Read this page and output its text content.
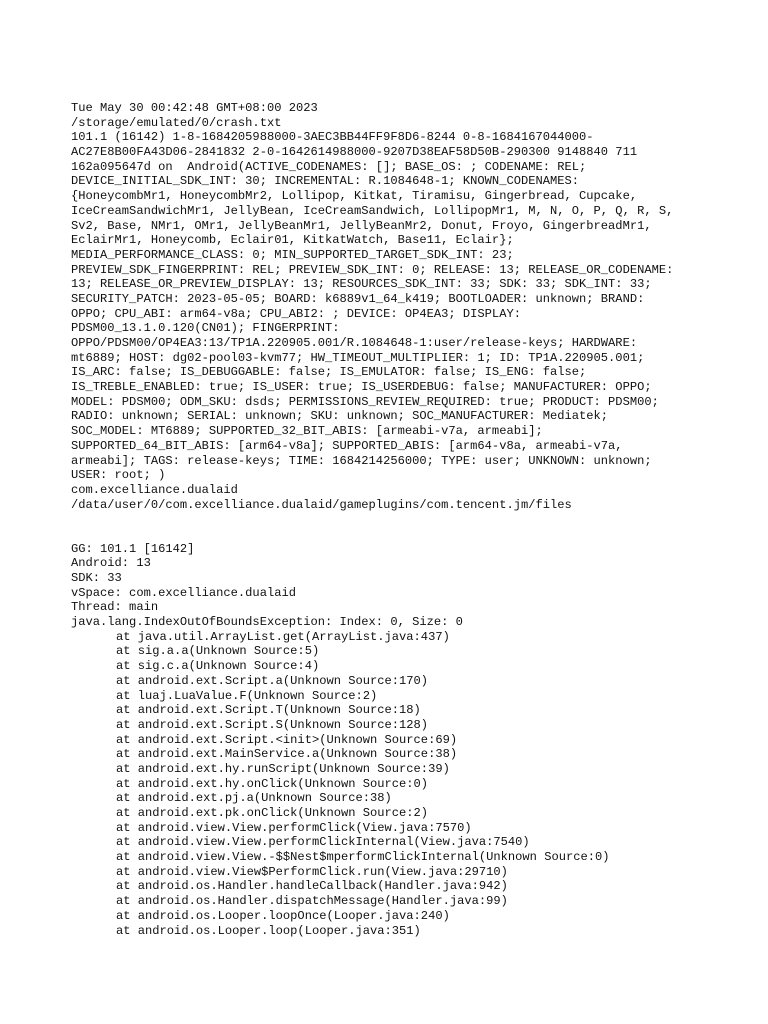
Tue May 30 00:42:48 GMT+08:00 2023
/storage/emulated/0/crash.txt
101.1 (16142) 1-8-1684205988000-3AEC3BB44FF9F8D6-8244 0-8-1684167044000-
AC27E8B00FA43D06-2841832 2-0-1642614988000-9207D38EAF58D50B-290300 9148840 711
162a095647d on  Android(ACTIVE_CODENAMES: []; BASE_OS: ; CODENAME: REL;
DEVICE_INITIAL_SDK_INT: 30; INCREMENTAL: R.1084648-1; KNOWN_CODENAMES:
{HoneycombMr1, HoneycombMr2, Lollipop, Kitkat, Tiramisu, Gingerbread, Cupcake,
IceCreamSandwichMr1, JellyBean, IceCreamSandwich, LollipopMr1, M, N, O, P, Q, R, S,
Sv2, Base, NMr1, OMr1, JellyBeanMr1, JellyBeanMr2, Donut, Froyo, GingerbreadMr1,
EclairMr1, Honeycomb, Eclair01, KitkatWatch, Base11, Eclair};
MEDIA_PERFORMANCE_CLASS: 0; MIN_SUPPORTED_TARGET_SDK_INT: 23;
PREVIEW_SDK_FINGERPRINT: REL; PREVIEW_SDK_INT: 0; RELEASE: 13; RELEASE_OR_CODENAME:
13; RELEASE_OR_PREVIEW_DISPLAY: 13; RESOURCES_SDK_INT: 33; SDK: 33; SDK_INT: 33;
SECURITY_PATCH: 2023-05-05; BOARD: k6889v1_64_k419; BOOTLOADER: unknown; BRAND:
OPPO; CPU_ABI: arm64-v8a; CPU_ABI2: ; DEVICE: OP4EA3; DISPLAY:
PDSM00_13.1.0.120(CN01); FINGERPRINT:
OPPO/PDSM00/OP4EA3:13/TP1A.220905.001/R.1084648-1:user/release-keys; HARDWARE:
mt6889; HOST: dg02-pool03-kvm77; HW_TIMEOUT_MULTIPLIER: 1; ID: TP1A.220905.001;
IS_ARC: false; IS_DEBUGGABLE: false; IS_EMULATOR: false; IS_ENG: false;
IS_TREBLE_ENABLED: true; IS_USER: true; IS_USERDEBUG: false; MANUFACTURER: OPPO;
MODEL: PDSM00; ODM_SKU: dsds; PERMISSIONS_REVIEW_REQUIRED: true; PRODUCT: PDSM00;
RADIO: unknown; SERIAL: unknown; SKU: unknown; SOC_MANUFACTURER: Mediatek;
SOC_MODEL: MT6889; SUPPORTED_32_BIT_ABIS: [armeabi-v7a, armeabi];
SUPPORTED_64_BIT_ABIS: [arm64-v8a]; SUPPORTED_ABIS: [arm64-v8a, armeabi-v7a,
armeabi]; TAGS: release-keys; TIME: 1684214256000; TYPE: user; UNKNOWN: unknown;
USER: root; )
com.excelliance.dualaid
/data/user/0/com.excelliance.dualaid/gameplugins/com.tencent.jm/files
GG: 101.1 [16142]
Android: 13
SDK: 33
vSpace: com.excelliance.dualaid
Thread: main
java.lang.IndexOutOfBoundsException: Index: 0, Size: 0
at java.util.ArrayList.get(ArrayList.java:437)
at sig.a.a(Unknown Source:5)
at sig.c.a(Unknown Source:4)
at android.ext.Script.a(Unknown Source:170)
at luaj.LuaValue.F(Unknown Source:2)
at android.ext.Script.T(Unknown Source:18)
at android.ext.Script.S(Unknown Source:128)
at android.ext.Script.<init>(Unknown Source:69)
at android.ext.MainService.a(Unknown Source:38)
at android.ext.hy.runScript(Unknown Source:39)
at android.ext.hy.onClick(Unknown Source:0)
at android.ext.pj.a(Unknown Source:38)
at android.ext.pk.onClick(Unknown Source:2)
at android.view.View.performClick(View.java:7570)
at android.view.View.performClickInternal(View.java:7540)
at android.view.View.-$$Nest$mperformClickInternal(Unknown Source:0)
at android.view.View$PerformClick.run(View.java:29710)
at android.os.Handler.handleCallback(Handler.java:942)
at android.os.Handler.dispatchMessage(Handler.java:99)
at android.os.Looper.loopOnce(Looper.java:240)
at android.os.Looper.loop(Looper.java:351)
